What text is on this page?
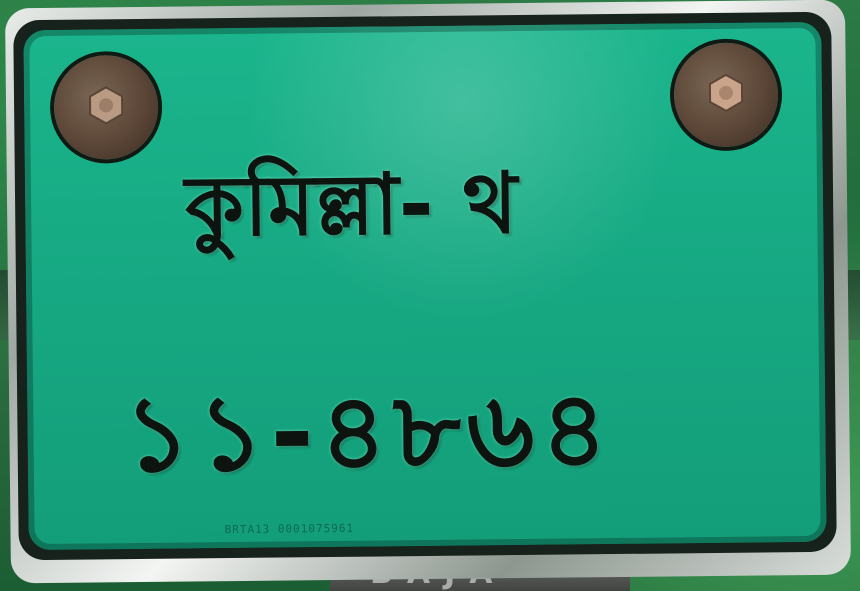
কুমিল্লা- থ
১১-৪৮৬৪
BRTA13 0001075961
